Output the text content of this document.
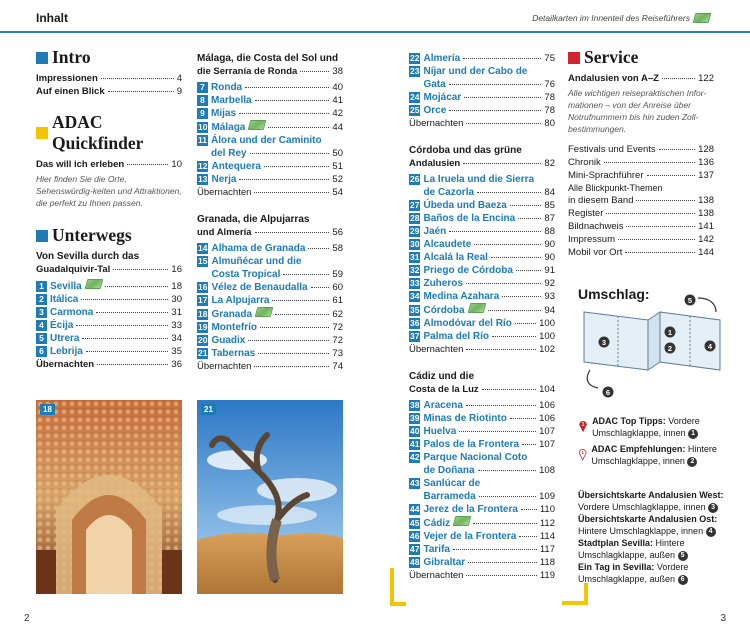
Inhalt	Detailkarten im Innenteil des Reiseführers
Intro
Impressionen	4
Auf einen Blick	9
ADAC Quickfinder
Das will ich erleben	10
Hier finden Sie die Orte, Sehenswürdig-keiten und Attraktionen, die perfekt zu Ihnen passen.
Unterwegs
Von Sevilla durch das
Guadalquivir-Tal	16
1 Sevilla	18
2 Itálica	30
3 Carmona	31
4 Écija	33
5 Utrera	34
6 Lebrija	35
Übernachten	36
Málaga, die Costa del Sol und
die Serranía de Ronda	38
7 Ronda	40
8 Marbella	41
9 Mijas	42
10 Málaga	44
11 Álora und der Caminito
del Rey	50
12 Antequera	51
13 Nerja	52
Übernachten	54
Granada, die Alpujarras
und Almería	56
14 Alhama de Granada	58
15 Almuñécar und die
Costa Tropical	59
16 Vélez de Benaudalla	60
17 La Alpujarra	61
18 Granada	62
19 Montefrío	72
20 Guadix	72
21 Tabernas	73
Übernachten	74
22 Almería	75
23 Níjar und der Cabo de
Gata	76
24 Mojácar	78
25 Orce	78
Übernachten	80
Córdoba und das grüne
Andalusien	82
26 La Iruela und die Sierra
de Cazorla	84
27 Úbeda und Baeza	85
28 Baños de la Encina	87
29 Jaén	88
30 Alcaudete	90
31 Alcalá la Real	90
32 Priego de Córdoba	91
33 Zuheros	92
34 Medina Azahara	93
35 Córdoba	94
36 Almodóvar del Río	100
37 Palma del Río	100
Übernachten	102
Cádiz und die
Costa de la Luz	104
38 Aracena	106
39 Minas de Riotinto	106
40 Huelva	107
41 Palos de la Frontera 107
42 Parque Nacional Coto
de Doñana	108
43 Sanlúcar de
Barrameda	109
44 Jerez de la Frontera 110
45 Cádiz	112
46 Vejer de la Frontera 114
47 Tarifa	117
48 Gibraltar	118
Übernachten	119
Service
Andalusien von A–Z	122
Alle wichtigen reisepraktischen Infor-mationen – von der Anreise über Notrufnummern bis hin zuden Zoll-bestimmungen.
Festivals und Events	128
Chronik	136
Mini-Sprachführer	137
Alle Blickpunkt-Themen
in diesem Band	138
Register	138
Bildnachweis	141
Impressum	142
Mobil vor Ort	144
Umschlag:	5
3
1
2	4
6
1 ADAC Top Tipps: Vordere Umschlagklappe, innen 1
1 ADAC Empfehlungen: Hintere Umschlagklappe, innen 2
Übersichtskarte Andalusien West:
Vordere Umschlagklappe, innen 3
Übersichtskarte Andalusien Ost:
Hintere Umschlagklappe, innen 4
Stadtplan Sevilla: Hintere Umschlagklappe, außen 5
Ein Tag in Sevilla: Vordere Umschlagklappe, außen 6
18	21
2	3
